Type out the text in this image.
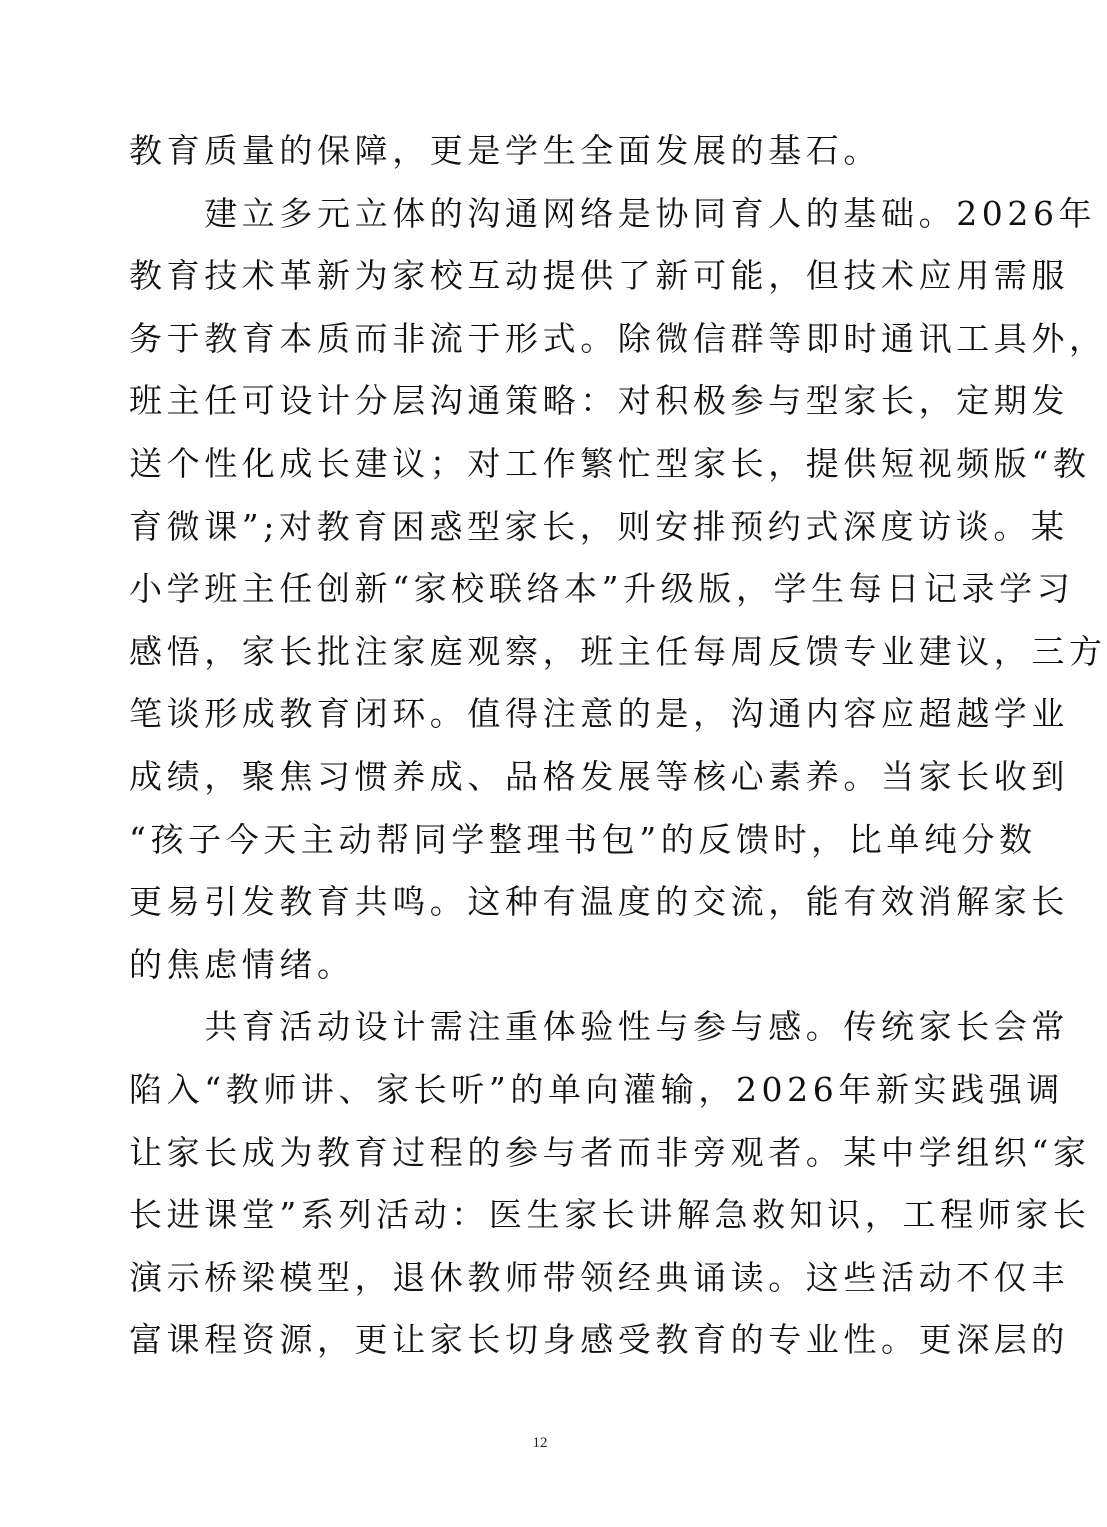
教育质量的保障，更是学生全面发展的基石。
　　建立多元立体的沟通网络是协同育人的基础。2026年
教育技术革新为家校互动提供了新可能，但技术应用需服
务于教育本质而非流于形式。除微信群等即时通讯工具外，
班主任可设计分层沟通策略：对积极参与型家长，定期发
送个性化成长建议；对工作繁忙型家长，提供短视频版“教
育微课”;对教育困惑型家长，则安排预约式深度访谈。某
小学班主任创新“家校联络本”升级版，学生每日记录学习
感悟，家长批注家庭观察，班主任每周反馈专业建议，三方
笔谈形成教育闭环。值得注意的是，沟通内容应超越学业
成绩，聚焦习惯养成、品格发展等核心素养。当家长收到
“孩子今天主动帮同学整理书包”的反馈时，比单纯分数
更易引发教育共鸣。这种有温度的交流，能有效消解家长
的焦虑情绪。
　　共育活动设计需注重体验性与参与感。传统家长会常
陷入“教师讲、家长听”的单向灌输，2026年新实践强调
让家长成为教育过程的参与者而非旁观者。某中学组织“家
长进课堂”系列活动：医生家长讲解急救知识，工程师家长
演示桥梁模型，退休教师带领经典诵读。这些活动不仅丰
富课程资源，更让家长切身感受教育的专业性。更深层的
12
